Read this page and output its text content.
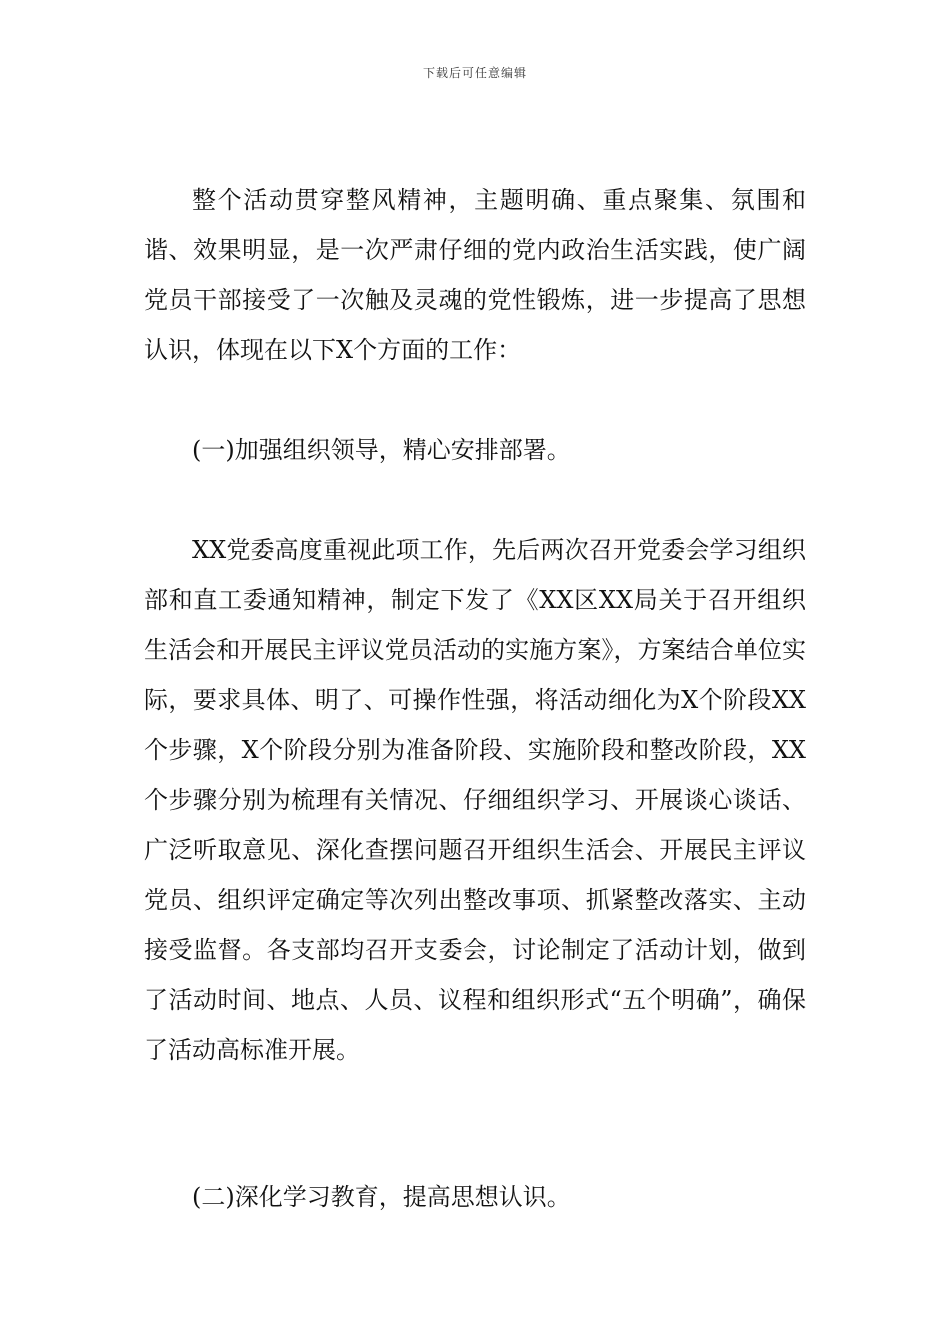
下载后可任意编辑

整个活动贯穿整风精神，主题明确、重点聚集、氛围和谐、效果明显，是一次严肃仔细的党内政治生活实践，使广阔党员干部接受了一次触及灵魂的党性锻炼，进一步提高了思想认识，体现在以下X个方面的工作：

(一)加强组织领导，精心安排部署。

XX党委高度重视此项工作，先后两次召开党委会学习组织部和直工委通知精神，制定下发了《XX区XX局关于召开组织生活会和开展民主评议党员活动的实施方案》，方案结合单位实际，要求具体、明了、可操作性强，将活动细化为X个阶段XX个步骤，X个阶段分别为准备阶段、实施阶段和整改阶段，XX个步骤分别为梳理有关情况、仔细组织学习、开展谈心谈话、广泛听取意见、深化查摆问题召开组织生活会、开展民主评议党员、组织评定确定等次列出整改事项、抓紧整改落实、主动接受监督。各支部均召开支委会，讨论制定了活动计划，做到了活动时间、地点、人员、议程和组织形式“五个明确”，确保了活动高标准开展。

(二)深化学习教育，提高思想认识。
